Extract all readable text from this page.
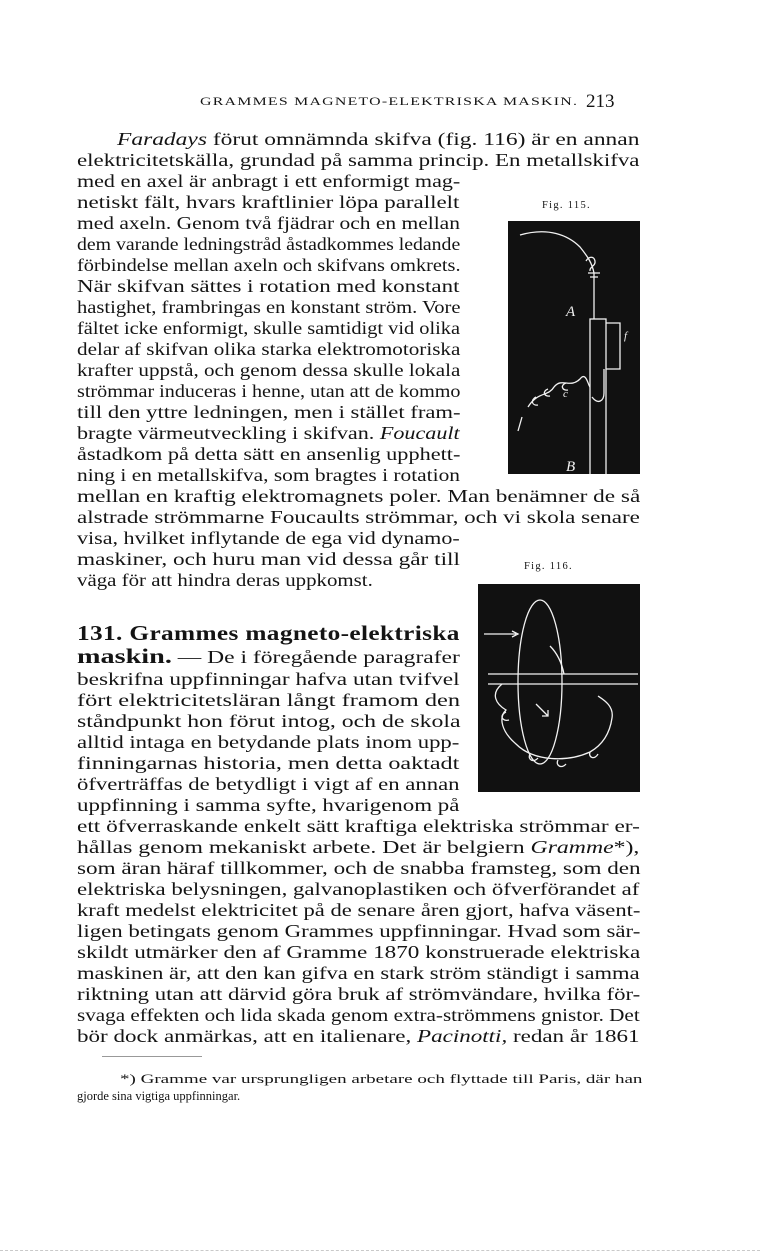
GRAMMES MAGNETO-ELEKTRISKA MASKIN. 213
Faradays förut omnämnda skifva (fig. 116) är en annan
elektricitetskälla, grundad på samma princip. En metallskifva
med en axel är anbragt i ett enformigt mag-
netiskt fält, hvars kraftlinier löpa parallelt
med axeln. Genom två fjädrar och en mellan
dem varande ledningstråd åstadkommes ledande
förbindelse mellan axeln och skifvans omkrets.
När skifvan sättes i rotation med konstant
hastighet, frambringas en konstant ström. Vore
fältet icke enformigt, skulle samtidigt vid olika
delar af skifvan olika starka elektromotoriska
krafter uppstå, och genom dessa skulle lokala
strömmar induceras i henne, utan att de kommo
till den yttre ledningen, men i stället fram-
bragte värmeutveckling i skifvan. Foucault
åstadkom på detta sätt en ansenlig upphett-
ning i en metallskifva, som bragtes i rotation
mellan en kraftig elektromagnets poler. Man benämner de så
alstrade strömmarne Foucaults strömmar, och vi skola senare
visa, hvilket inflytande de ega vid dynamo-
maskiner, och huru man vid dessa går till
väga för att hindra deras uppkomst.
Fig. 115.
A
B
c
f
Fig. 116.
131. Grammes magneto-elektriska
maskin. — De i föregående paragrafer
beskrifna uppfinningar hafva utan tvifvel
fört elektricitetsläran långt framom den
ståndpunkt hon förut intog, och de skola
alltid intaga en betydande plats inom upp-
finningarnas historia, men detta oaktadt
öfverträffas de betydligt i vigt af en annan
uppfinning i samma syfte, hvarigenom på
ett öfverraskande enkelt sätt kraftiga elektriska strömmar er-
hållas genom mekaniskt arbete. Det är belgiern Gramme*),
som äran häraf tillkommer, och de snabba framsteg, som den
elektriska belysningen, galvanoplastiken och öfverförandet af
kraft medelst elektricitet på de senare åren gjort, hafva väsent-
ligen betingats genom Grammes uppfinningar. Hvad som sär-
skildt utmärker den af Gramme 1870 konstruerade elektriska
maskinen är, att den kan gifva en stark ström ständigt i samma
riktning utan att därvid göra bruk af strömvändare, hvilka för-
svaga effekten och lida skada genom extra-strömmens gnistor. Det
bör dock anmärkas, att en italienare, Pacinotti, redan år 1861
*) Gramme var ursprungligen arbetare och flyttade till Paris, där han
gjorde sina vigtiga uppfinningar.
